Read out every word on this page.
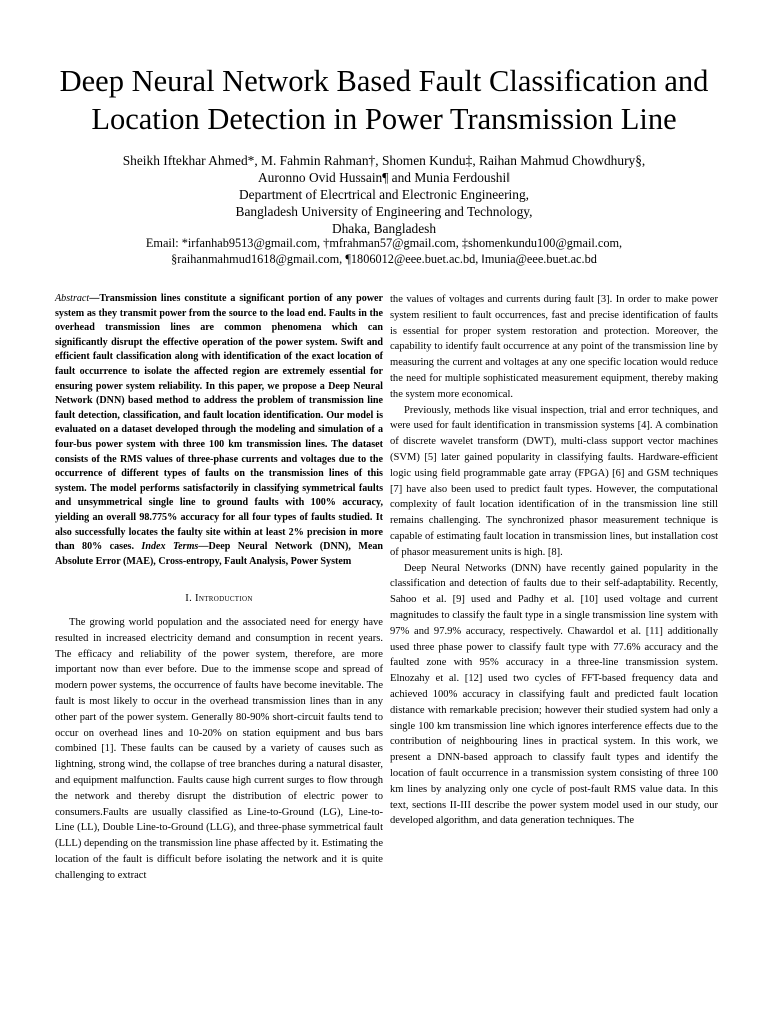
Deep Neural Network Based Fault Classification and Location Detection in Power Transmission Line
Sheikh Iftekhar Ahmed*, M. Fahmin Rahman†, Shomen Kundu‡, Raihan Mahmud Chowdhury§,
Auronno Ovid Hussain¶ and Munia Ferdoushi‖
Department of Elecrtrical and Electronic Engineering,
Bangladesh University of Engineering and Technology,
Dhaka, Bangladesh
Email: *irfanhab9513@gmail.com, †mfrahman57@gmail.com, ‡shomenkundu100@gmail.com,
§raihanmahmud1618@gmail.com, ¶1806012@eee.buet.ac.bd, ‖munia@eee.buet.ac.bd

Abstract—Transmission lines constitute a significant portion of any power system as they transmit power from the source to the load end. Faults in the overhead transmission lines are common phenomena which can significantly disrupt the effective operation of the power system. Swift and efficient fault classification along with identification of the exact location of fault occurrence to isolate the affected region are extremely essential for ensuring power system reliability. In this paper, we propose a Deep Neural Network (DNN) based method to address the problem of transmission line fault detection, classification, and fault location identification. Our model is evaluated on a dataset developed through the modeling and simulation of a four-bus power system with three 100 km transmission lines. The dataset consists of the RMS values of three-phase currents and voltages due to the occurrence of different types of faults on the transmission lines of this system. The model performs satisfactorily in classifying symmetrical faults and unsymmetrical single line to ground faults with 100% accuracy, yielding an overall 98.775% accuracy for all four types of faults studied. It also successfully locates the faulty site within at least 2% precision in more than 80% cases. Index Terms—Deep Neural Network (DNN), Mean Absolute Error (MAE), Cross-entropy, Fault Analysis, Power System

I. Introduction

The growing world population and the associated need for energy have resulted in increased electricity demand and consumption in recent years. The efficacy and reliability of the power system, therefore, are more important now than ever before. Due to the immense scope and spread of modern power systems, the occurrence of faults have become inevitable. The fault is most likely to occur in the overhead transmission lines than in any other part of the power system. Generally 80-90% short-circuit faults tend to occur on overhead lines and 10-20% on station equipment and bus bars combined [1]. These faults can be caused by a variety of causes such as lightning, strong wind, the collapse of tree branches during a natural disaster, and equipment malfunction. Faults cause high current surges to flow through the network and thereby disrupt the distribution of electric power to consumers.Faults are usually classified as Line-to-Ground (LG), Line-to-Line (LL), Double Line-to-Ground (LLG), and three-phase symmetrical fault (LLL) depending on the transmission line phase affected by it. Estimating the location of the fault is difficult before isolating the network and it is quite challenging to extract

the values of voltages and currents during fault [3]. In order to make power system resilient to fault occurrences, fast and precise identification of faults is essential for proper system restoration and protection. Moreover, the capability to identify fault occurrence at any point of the transmission line by measuring the current and voltages at any one specific location would reduce the need for multiple sophisticated measurement equipment, thereby making the system more economical.

Previously, methods like visual inspection, trial and error techniques, and were used for fault identification in transmission systems [4]. A combination of discrete wavelet transform (DWT), multi-class support vector machines (SVM) [5] later gained popularity in classifying faults. Hardware-efficient logic using field programmable gate array (FPGA) [6] and GSM techniques [7] have also been used to predict fault types. However, the computational complexity of fault location identification of in the transmission line still remains challenging. The synchronized phasor measurement technique is capable of estimating fault location in transmission lines, but installation cost of phasor measurement units is high. [8].

Deep Neural Networks (DNN) have recently gained popularity in the classification and detection of faults due to their self-adaptability. Recently, Sahoo et al. [9] used and Padhy et al. [10] used voltage and current magnitudes to classify the fault type in a single transmission line system with 97% and 97.9% accuracy, respectively. Chawardol et al. [11] additionally used three phase power to classify fault type with 77.6% accuracy and the faulted zone with 95% accuracy in a three-line transmission system. Elnozahy et al. [12] used two cycles of FFT-based frequency data and achieved 100% accuracy in classifying fault and predicted fault location distance with remarkable precision; however their studied system had only a single 100 km transmission line which ignores interference effects due to the contribution of neighbouring lines in practical system. In this work, we present a DNN-based approach to classify fault types and identify the location of fault occurrence in a transmission system consisting of three 100 km lines by analyzing only one cycle of post-fault RMS value data. In this text, sections II-III describe the power system model used in our study, our developed algorithm, and data generation techniques. The
